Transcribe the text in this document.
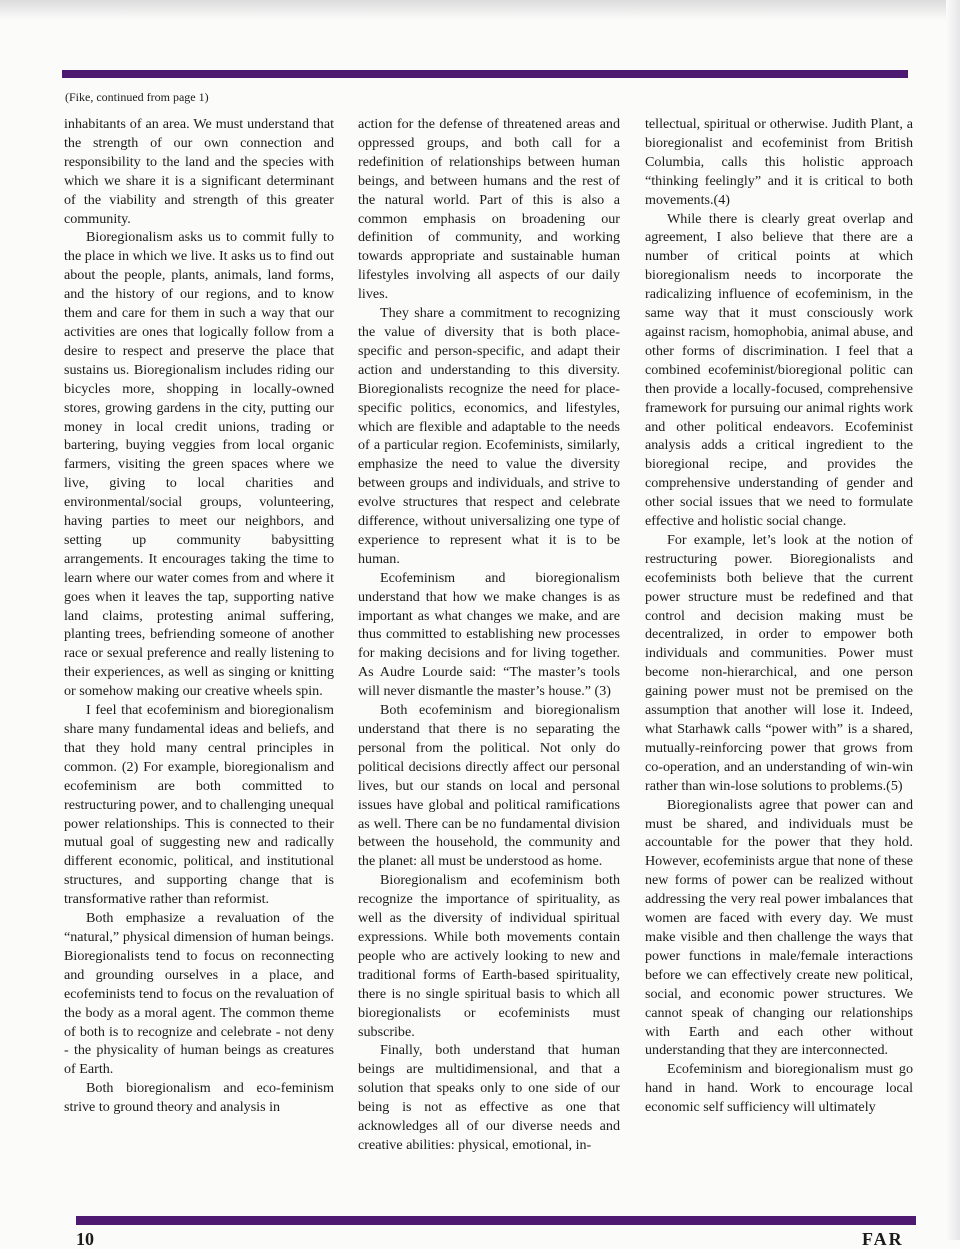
(Fike, continued from page 1)

inhabitants of an area. We must understand that the strength of our own connection and responsibility to the land and the species with which we share it is a significant determinant of the viability and strength of this greater community.

Bioregionalism asks us to commit fully to the place in which we live. It asks us to find out about the people, plants, animals, land forms, and the history of our regions, and to know them and care for them in such a way that our activities are ones that logically follow from a desire to respect and preserve the place that sustains us. Bioregionalism includes riding our bicycles more, shopping in locally-owned stores, growing gardens in the city, putting our money in local credit unions, trading or bartering, buying veggies from local organic farmers, visiting the green spaces where we live, giving to local charities and environmental/social groups, volunteering, having parties to meet our neighbors, and setting up community babysitting arrangements. It encourages taking the time to learn where our water comes from and where it goes when it leaves the tap, supporting native land claims, protesting animal suffering, planting trees, befriending someone of another race or sexual preference and really listening to their experiences, as well as singing or knitting or somehow making our creative wheels spin.

I feel that ecofeminism and bioregionalism share many fundamental ideas and beliefs, and that they hold many central principles in common. (2) For example, bioregionalism and ecofeminism are both committed to restructuring power, and to challenging unequal power relationships. This is connected to their mutual goal of suggesting new and radically different economic, political, and institutional structures, and supporting change that is transformative rather than reformist.

Both emphasize a revaluation of the “natural,” physical dimension of human beings. Bioregionalists tend to focus on reconnecting and grounding ourselves in a place, and ecofeminists tend to focus on the revaluation of the body as a moral agent. The common theme of both is to recognize and celebrate - not deny - the physicality of human beings as creatures of Earth.

Both bioregionalism and eco-feminism strive to ground theory and analysis in

action for the defense of threatened areas and oppressed groups, and both call for a redefinition of relationships between human beings, and between humans and the rest of the natural world. Part of this is also a common emphasis on broadening our definition of community, and working towards appropriate and sustainable human lifestyles involving all aspects of our daily lives.

They share a commitment to recognizing the value of diversity that is both place-specific and person-specific, and adapt their action and understanding to this diversity. Bioregionalists recognize the need for place-specific politics, economics, and lifestyles, which are flexible and adaptable to the needs of a particular region. Ecofeminists, similarly, emphasize the need to value the diversity between groups and individuals, and strive to evolve structures that respect and celebrate difference, without universalizing one type of experience to represent what it is to be human.

Ecofeminism and bioregionalism understand that how we make changes is as important as what changes we make, and are thus committed to establishing new processes for making decisions and for living together. As Audre Lourde said: “The master’s tools will never dismantle the master’s house.” (3)

Both ecofeminism and bioregionalism understand that there is no separating the personal from the political. Not only do political decisions directly affect our personal lives, but our stands on local and personal issues have global and political ramifications as well. There can be no fundamental division between the household, the community and the planet: all must be understood as home.

Bioregionalism and ecofeminism both recognize the importance of spirituality, as well as the diversity of individual spiritual expressions. While both movements contain people who are actively looking to new and traditional forms of Earth-based spirituality, there is no single spiritual basis to which all bioregionalists or ecofeminists must subscribe.

Finally, both understand that human beings are multidimensional, and that a solution that speaks only to one side of our being is not as effective as one that acknowledges all of our diverse needs and creative abilities: physical, emotional, in-

tellectual, spiritual or otherwise. Judith Plant, a bioregionalist and ecofeminist from British Columbia, calls this holistic approach “thinking feelingly” and it is critical to both movements.(4)

While there is clearly great overlap and agreement, I also believe that there are a number of critical points at which bioregionalism needs to incorporate the radicalizing influence of ecofeminism, in the same way that it must consciously work against racism, homophobia, animal abuse, and other forms of discrimination. I feel that a combined ecofeminist/bioregional politic can then provide a locally-focused, comprehensive framework for pursuing our animal rights work and other political endeavors. Ecofeminist analysis adds a critical ingredient to the bioregional recipe, and provides the comprehensive understanding of gender and other social issues that we need to formulate effective and holistic social change.

For example, let’s look at the notion of restructuring power. Bioregionalists and ecofeminists both believe that the current power structure must be redefined and that control and decision making must be decentralized, in order to empower both individuals and communities. Power must become non-hierarchical, and one person gaining power must not be premised on the assumption that another will lose it. Indeed, what Starhawk calls “power with” is a shared, mutually-reinforcing power that grows from co-operation, and an understanding of win-win rather than win-lose solutions to problems.(5)

Bioregionalists agree that power can and must be shared, and individuals must be accountable for the power that they hold. However, ecofeminists argue that none of these new forms of power can be realized without addressing the very real power imbalances that women are faced with every day. We must make visible and then challenge the ways that power functions in male/female interactions before we can effectively create new political, social, and economic power structures. We cannot speak of changing our relationships with Earth and each other without understanding that they are interconnected.

Ecofeminism and bioregionalism must go hand in hand. Work to encourage local economic self sufficiency will ultimately

10	FAR
